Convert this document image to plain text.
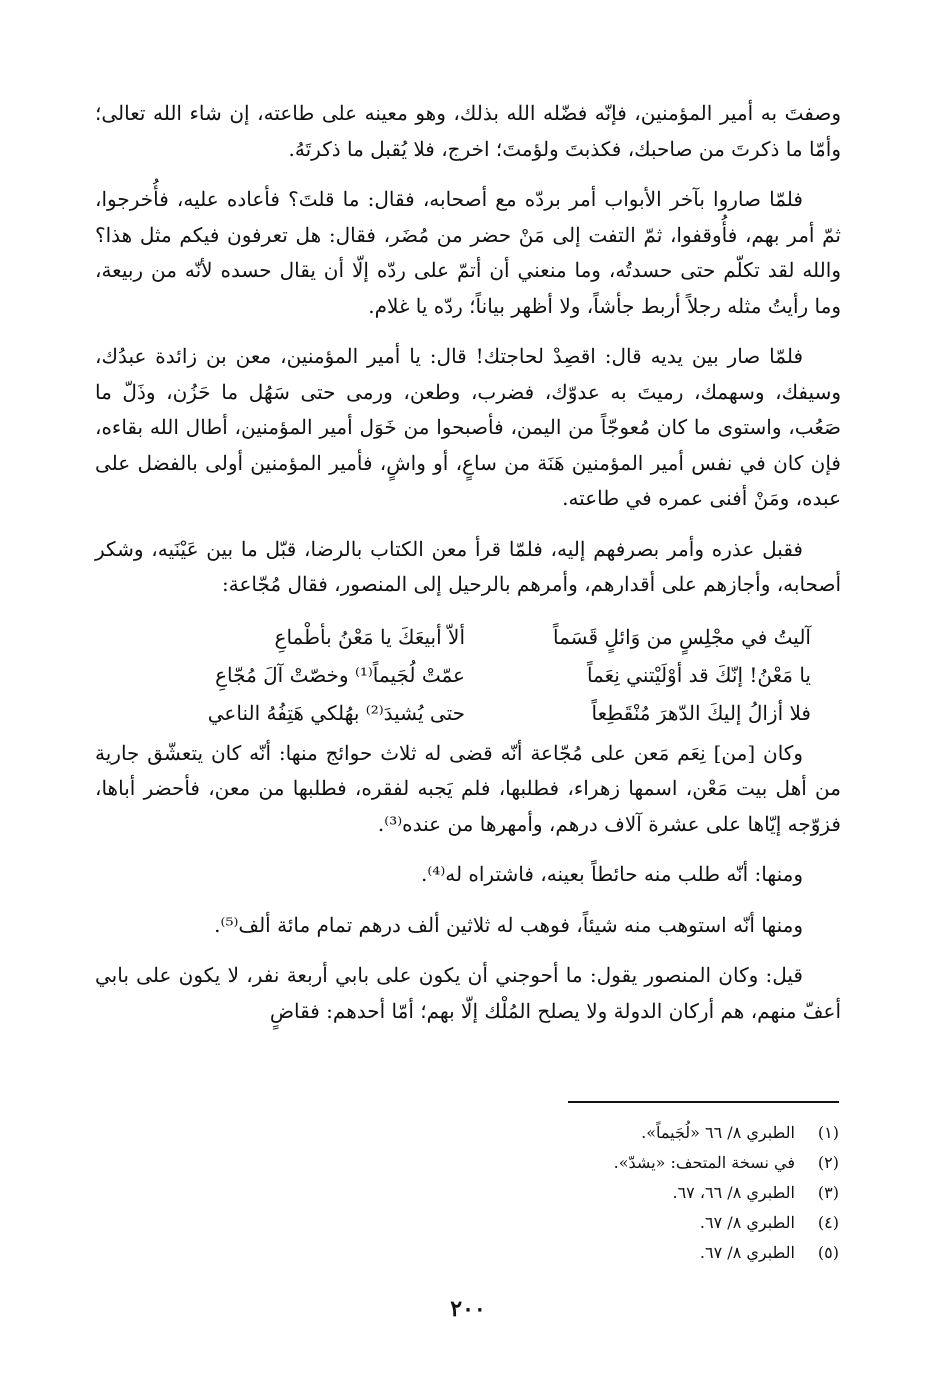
وصفتَ به أمير المؤمنين، فإنّه فضّله الله بذلك، وهو معينه على طاعته، إن شاء الله تعالى؛ وأمّا ما ذكرتَ من صاحبك، فكذبتَ ولؤمتَ؛ اخرج، فلا يُقبل ما ذكرتَهُ.

فلمّا صاروا بآخر الأبواب أمر بردّه مع أصحابه، فقال: ما قلتَ؟ فأعاده عليه، فأُخرجوا، ثمّ أمر بهم، فأُوقفوا، ثمّ التفت إلى مَنْ حضر من مُضَر، فقال: هل تعرفون فيكم مثل هذا؟ والله لقد تكلّم حتى حسدتُه، وما منعني أن أتمّ على ردّه إلّا أن يقال حسده لأنّه من ربيعة، وما رأيتُ مثله رجلاً أربط جأشاً، ولا أظهر بياناً؛ ردّه يا غلام.

فلمّا صار بين يديه قال: اقصِدْ لحاجتك! قال: يا أمير المؤمنين، معن بن زائدة عبدُك، وسيفك، وسهمك، رميتَ به عدوّك، فضرب، وطعن، ورمى حتى سَهُل ما حَزُن، وذَلّ ما صَعُب، واستوى ما كان مُعوجّاً من اليمن، فأصبحوا من خَوَل أمير المؤمنين، أطال الله بقاءه، فإن كان في نفس أمير المؤمنين هَنَة من ساعٍ، أو واشٍ، فأمير المؤمنين أولى بالفضل على عبده، ومَنْ أفنى عمره في طاعته.

فقبل عذره وأمر بصرفهم إليه، فلمّا قرأ معن الكتاب بالرضا، قبّل ما بين عَيْنَيه، وشكر أصحابه، وأجازهم على أقدارهم، وأمرهم بالرحيل إلى المنصور، فقال مُجّاعة:

آليتُ في مجْلِسٍ من وَائلٍ قَسَماً
ألاّ أبيعَكَ يا مَعْنُ بأطْماعِ
يا مَعْنُ! إنّكَ قد أوْلَيْتني نِعَماً
عمّتْ لُجَيماً⁽¹⁾ وخصّتْ آلَ مُجّاعِ
فلا أزالُ إليكَ الدّهرَ مُنْقَطِعاً
حتى يُشيدَ⁽²⁾ بهُلكي هَتِفُهُ الناعي

وكان [من] نِعَم مَعن على مُجّاعة أنّه قضى له ثلاث حوائج منها: أنّه كان يتعشّق جارية من أهل بيت مَعْن، اسمها زهراء، فطلبها، فلم يَجبه لفقره، فطلبها من معن، فأحضر أباها، فزوّجه إيّاها على عشرة آلاف درهم، وأمهرها من عنده⁽³⁾.

ومنها: أنّه طلب منه حائطاً بعينه، فاشتراه له⁽⁴⁾.

ومنها أنّه استوهب منه شيئاً، فوهب له ثلاثين ألف درهم تمام مائة ألف⁽⁵⁾.

قيل: وكان المنصور يقول: ما أحوجني أن يكون على بابي أربعة نفر، لا يكون على بابي أعفّ منهم، هم أركان الدولة ولا يصلح المُلْك إلّا بهم؛ أمّا أحدهم: فقاضٍ

(١)
الطبري ٨/ ٦٦ «لُجَيماً».
(٢)
في نسخة المتحف: «يشدّ».
(٣)
الطبري ٨/ ٦٦، ٦٧.
(٤)
الطبري ٨/ ٦٧.
(٥)
الطبري ٨/ ٦٧.
٢٠٠
